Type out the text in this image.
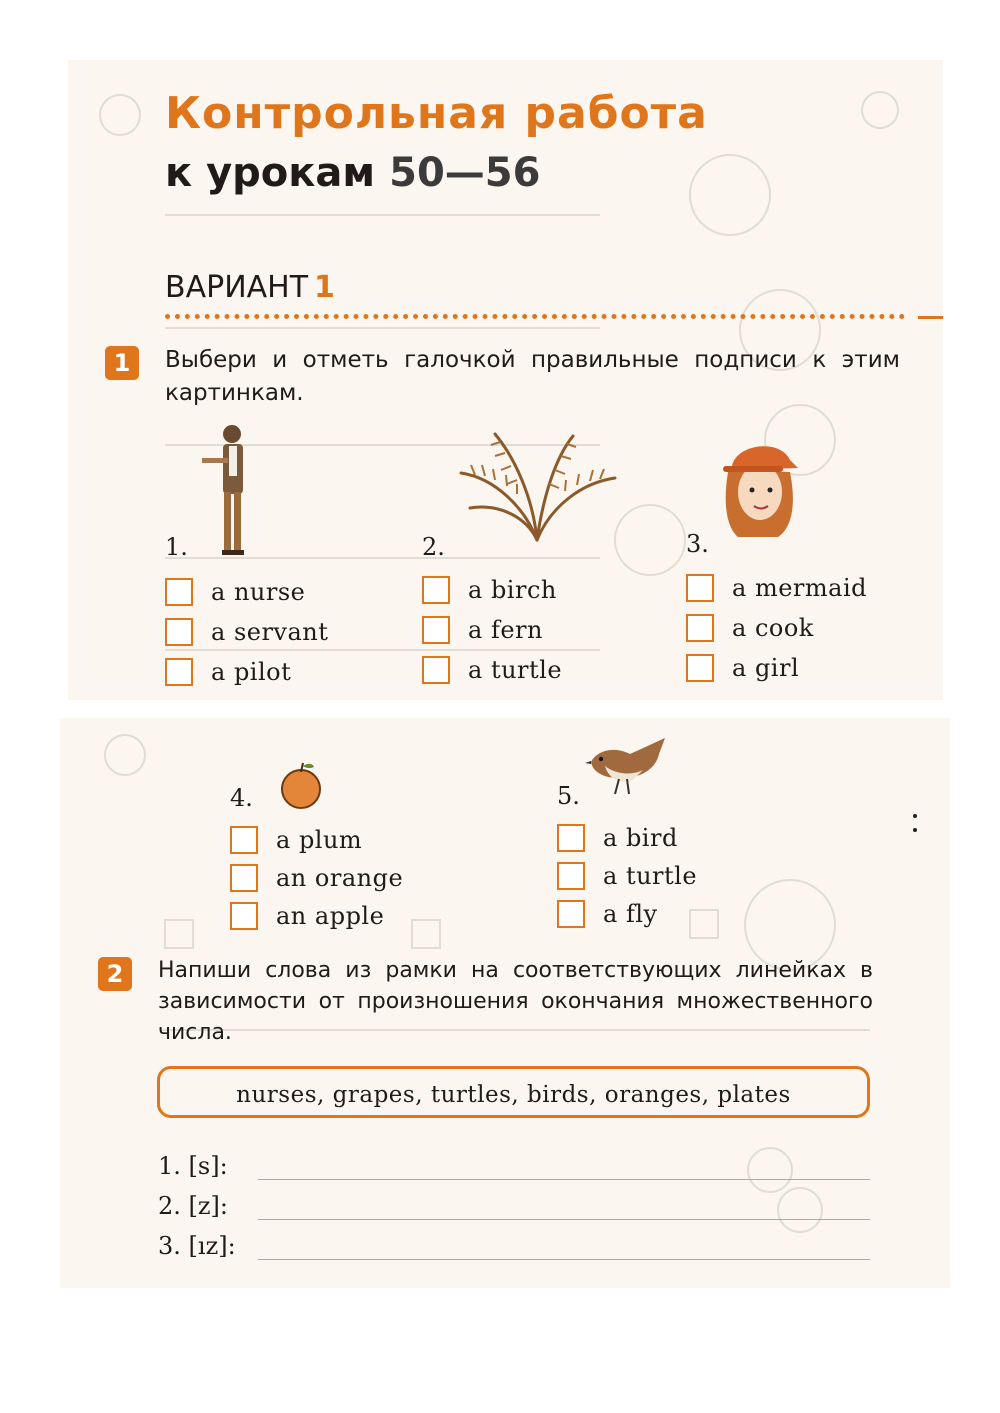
Контрольная работа
к урокам 50—56
ВАРИАНТ 1
1	Выбери и отметь галочкой правильные подписи к этим картинкам.
1.
a nurse
a servant
a pilot
2.
a birch
a fern
a turtle
3.
a mermaid
a cook
a girl
4.
a plum
an orange
an apple
5.
a bird
a turtle
a fly
2	Напиши слова из рамки на соответствующих линейках в зависимости от произношения окончания множественного числа.
nurses, grapes, turtles, birds, oranges, plates
1. [s]:
2. [z]:
3. [ız]:
